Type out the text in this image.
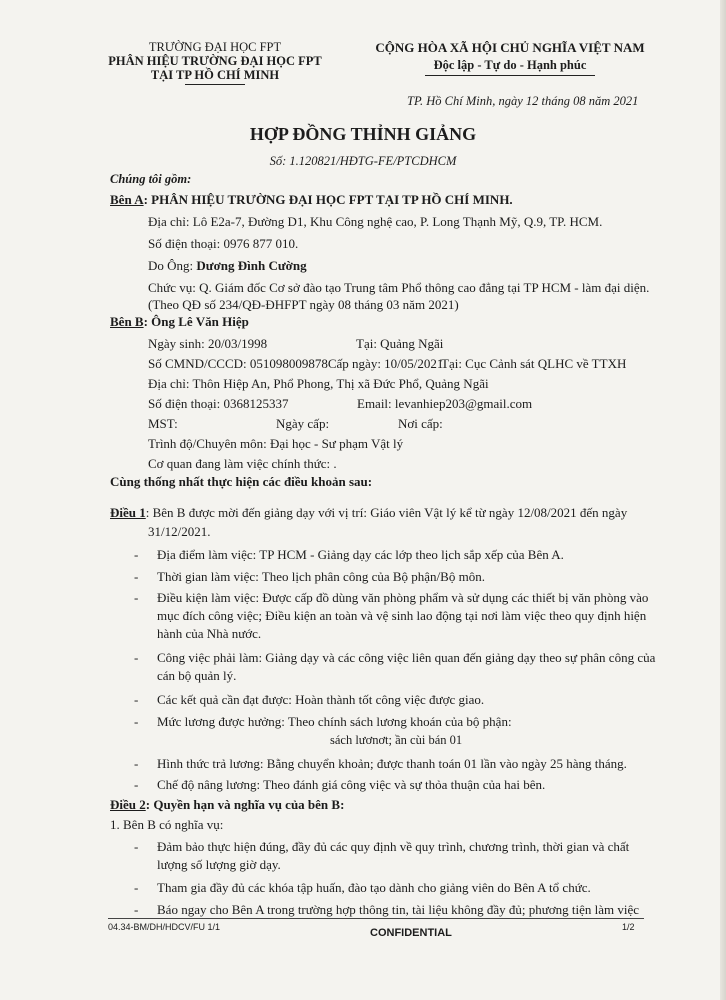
TRƯỜNG ĐẠI HỌC FPT
PHÂN HIỆU TRƯỜNG ĐẠI HỌC FPT
TẠI TP HỒ CHÍ MINH
CỘNG HÒA XÃ HỘI CHỦ NGHĨA VIỆT NAM
Độc lập - Tự do - Hạnh phúc
TP. Hồ Chí Minh, ngày 12 tháng 08 năm 2021
HỢP ĐỒNG THỈNH GIẢNG
Số: 1.120821/HĐTG-FE/PTCDHCM
Chúng tôi gồm:
Bên A: PHÂN HIỆU TRƯỜNG ĐẠI HỌC FPT TẠI TP HỒ CHÍ MINH.
Địa chỉ: Lô E2a-7, Đường D1, Khu Công nghệ cao, P. Long Thạnh Mỹ, Q.9, TP. HCM.
Số điện thoại: 0976 877 010.
Do Ông: Dương Đình Cường
Chức vụ: Q. Giám đốc Cơ sở đào tạo Trung tâm Phổ thông cao đẳng tại TP HCM - làm đại diện.
(Theo QĐ số 234/QĐ-ĐHFPT ngày 08 tháng 03 năm 2021)
Bên B: Ông Lê Văn Hiệp
Ngày sinh: 20/03/1998	Tại: Quảng Ngãi
Số CMND/CCCD: 051098009878Cấp ngày: 10/05/2021
Tại: Cục Cảnh sát QLHC về TTXH
Địa chỉ: Thôn Hiệp An, Phổ Phong, Thị xã Đức Phổ, Quảng Ngãi
Số điện thoại: 0368125337	Email: levanhiep203@gmail.com
MST:	Ngày cấp:	Nơi cấp:
Trình độ/Chuyên môn: Đại học - Sư phạm Vật lý
Cơ quan đang làm việc chính thức: .
Cùng thống nhất thực hiện các điều khoản sau:
Điều 1: Bên B được mời đến giảng dạy với vị trí: Giáo viên Vật lý kể từ ngày 12/08/2021 đến ngày
31/12/2021.
- Địa điểm làm việc: TP HCM - Giảng dạy các lớp theo lịch sắp xếp của Bên A.
- Thời gian làm việc: Theo lịch phân công của Bộ phận/Bộ môn.
- Điều kiện làm việc: Được cấp đồ dùng văn phòng phẩm và sử dụng các thiết bị văn phòng vào
mục đích công việc; Điều kiện an toàn và vệ sinh lao động tại nơi làm việc theo quy định hiện
hành của Nhà nước.
- Công việc phải làm: Giảng dạy và các công việc liên quan đến giảng dạy theo sự phân công của
cán bộ quản lý.
- Các kết quả cần đạt được: Hoàn thành tốt công việc được giao.
- Mức lương được hưởng: Theo chính sách lương khoán của bộ phận:
sách lươnơt; ần cùi bán 01
- Hình thức trả lương: Bằng chuyển khoản; được thanh toán 01 lần vào ngày 25 hàng tháng.
- Chế độ nâng lương: Theo đánh giá công việc và sự thỏa thuận của hai bên.
Điều 2: Quyền hạn và nghĩa vụ của bên B:
1. Bên B có nghĩa vụ:
- Đảm bảo thực hiện đúng, đầy đủ các quy định về quy trình, chương trình, thời gian và chất
lượng số lượng giờ dạy.
- Tham gia đầy đủ các khóa tập huấn, đào tạo dành cho giảng viên do Bên A tổ chức.
- Báo ngay cho Bên A trong trường hợp thông tin, tài liệu không đầy đủ; phương tiện làm việc
04.34-BM/DH/HDCV/FU 1/1	CONFIDENTIAL	1/2
